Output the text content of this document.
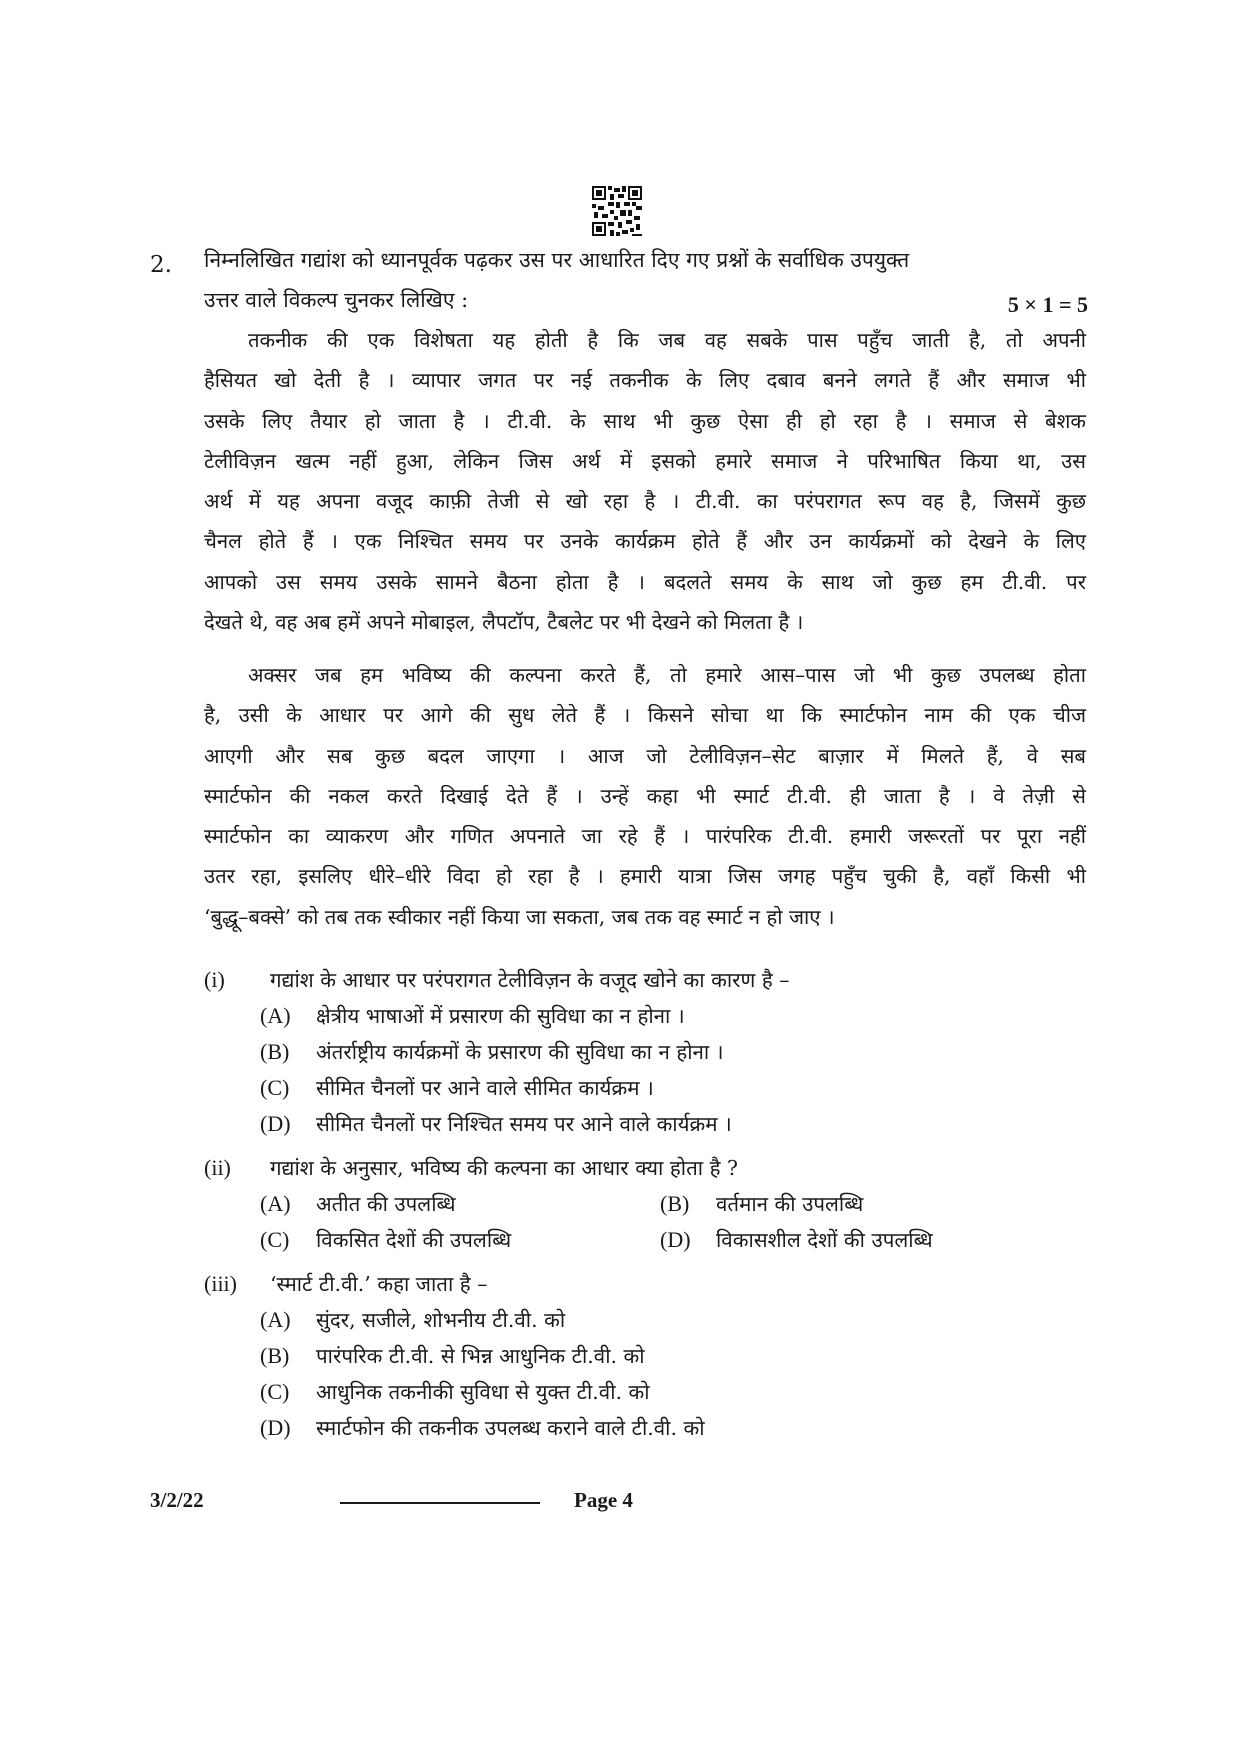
2. निम्नलिखित गद्यांश को ध्यानपूर्वक पढ़कर उस पर आधारित दिए गए प्रश्नों के सर्वाधिक उपयुक्त
उत्तर वाले विकल्प चुनकर लिखिए :	5 × 1 = 5
तकनीक की एक विशेषता यह होती है कि जब वह सबके पास पहुँच जाती है, तो अपनी
हैसियत खो देती है । व्यापार जगत पर नई तकनीक के लिए दबाव बनने लगते हैं और समाज भी
उसके लिए तैयार हो जाता है । टी.वी. के साथ भी कुछ ऐसा ही हो रहा है । समाज से बेशक
टेलीविज़न खत्म नहीं हुआ, लेकिन जिस अर्थ में इसको हमारे समाज ने परिभाषित किया था, उस
अर्थ में यह अपना वजूद काफ़ी तेजी से खो रहा है । टी.वी. का परंपरागत रूप वह है, जिसमें कुछ
चैनल होते हैं । एक निश्चित समय पर उनके कार्यक्रम होते हैं और उन कार्यक्रमों को देखने के लिए
आपको उस समय उसके सामने बैठना होता है । बदलते समय के साथ जो कुछ हम टी.वी. पर
देखते थे, वह अब हमें अपने मोबाइल, लैपटॉप, टैबलेट पर भी देखने को मिलता है ।
अक्सर जब हम भविष्य की कल्पना करते हैं, तो हमारे आस–पास जो भी कुछ उपलब्ध होता
है, उसी के आधार पर आगे की सुध लेते हैं । किसने सोचा था कि स्मार्टफोन नाम की एक चीज
आएगी और सब कुछ बदल जाएगा । आज जो टेलीविज़न–सेट बाज़ार में मिलते हैं, वे सब
स्मार्टफोन की नकल करते दिखाई देते हैं । उन्हें कहा भी स्मार्ट टी.वी. ही जाता है । वे तेज़ी से
स्मार्टफोन का व्याकरण और गणित अपनाते जा रहे हैं । पारंपरिक टी.वी. हमारी जरूरतों पर पूरा नहीं
उतर रहा, इसलिए धीरे–धीरे विदा हो रहा है । हमारी यात्रा जिस जगह पहुँच चुकी है, वहाँ किसी भी
‘बुद्धू–बक्से’ को तब तक स्वीकार नहीं किया जा सकता, जब तक वह स्मार्ट न हो जाए ।
(i) गद्यांश के आधार पर परंपरागत टेलीविज़न के वजूद खोने का कारण है –
(A) क्षेत्रीय भाषाओं में प्रसारण की सुविधा का न होना ।
(B) अंतर्राष्ट्रीय कार्यक्रमों के प्रसारण की सुविधा का न होना ।
(C) सीमित चैनलों पर आने वाले सीमित कार्यक्रम ।
(D) सीमित चैनलों पर निश्चित समय पर आने वाले कार्यक्रम ।
(ii) गद्यांश के अनुसार, भविष्य की कल्पना का आधार क्या होता है ?
(A) अतीत की उपलब्धि	(B) वर्तमान की उपलब्धि
(C) विकसित देशों की उपलब्धि	(D) विकासशील देशों की उपलब्धि
(iii) ‘स्मार्ट टी.वी.’ कहा जाता है –
(A) सुंदर, सजीले, शोभनीय टी.वी. को
(B) पारंपरिक टी.वी. से भिन्न आधुनिक टी.वी. को
(C) आधुनिक तकनीकी सुविधा से युक्त टी.वी. को
(D) स्मार्टफोन की तकनीक उपलब्ध कराने वाले टी.वी. को
3/2/22	Page 4
